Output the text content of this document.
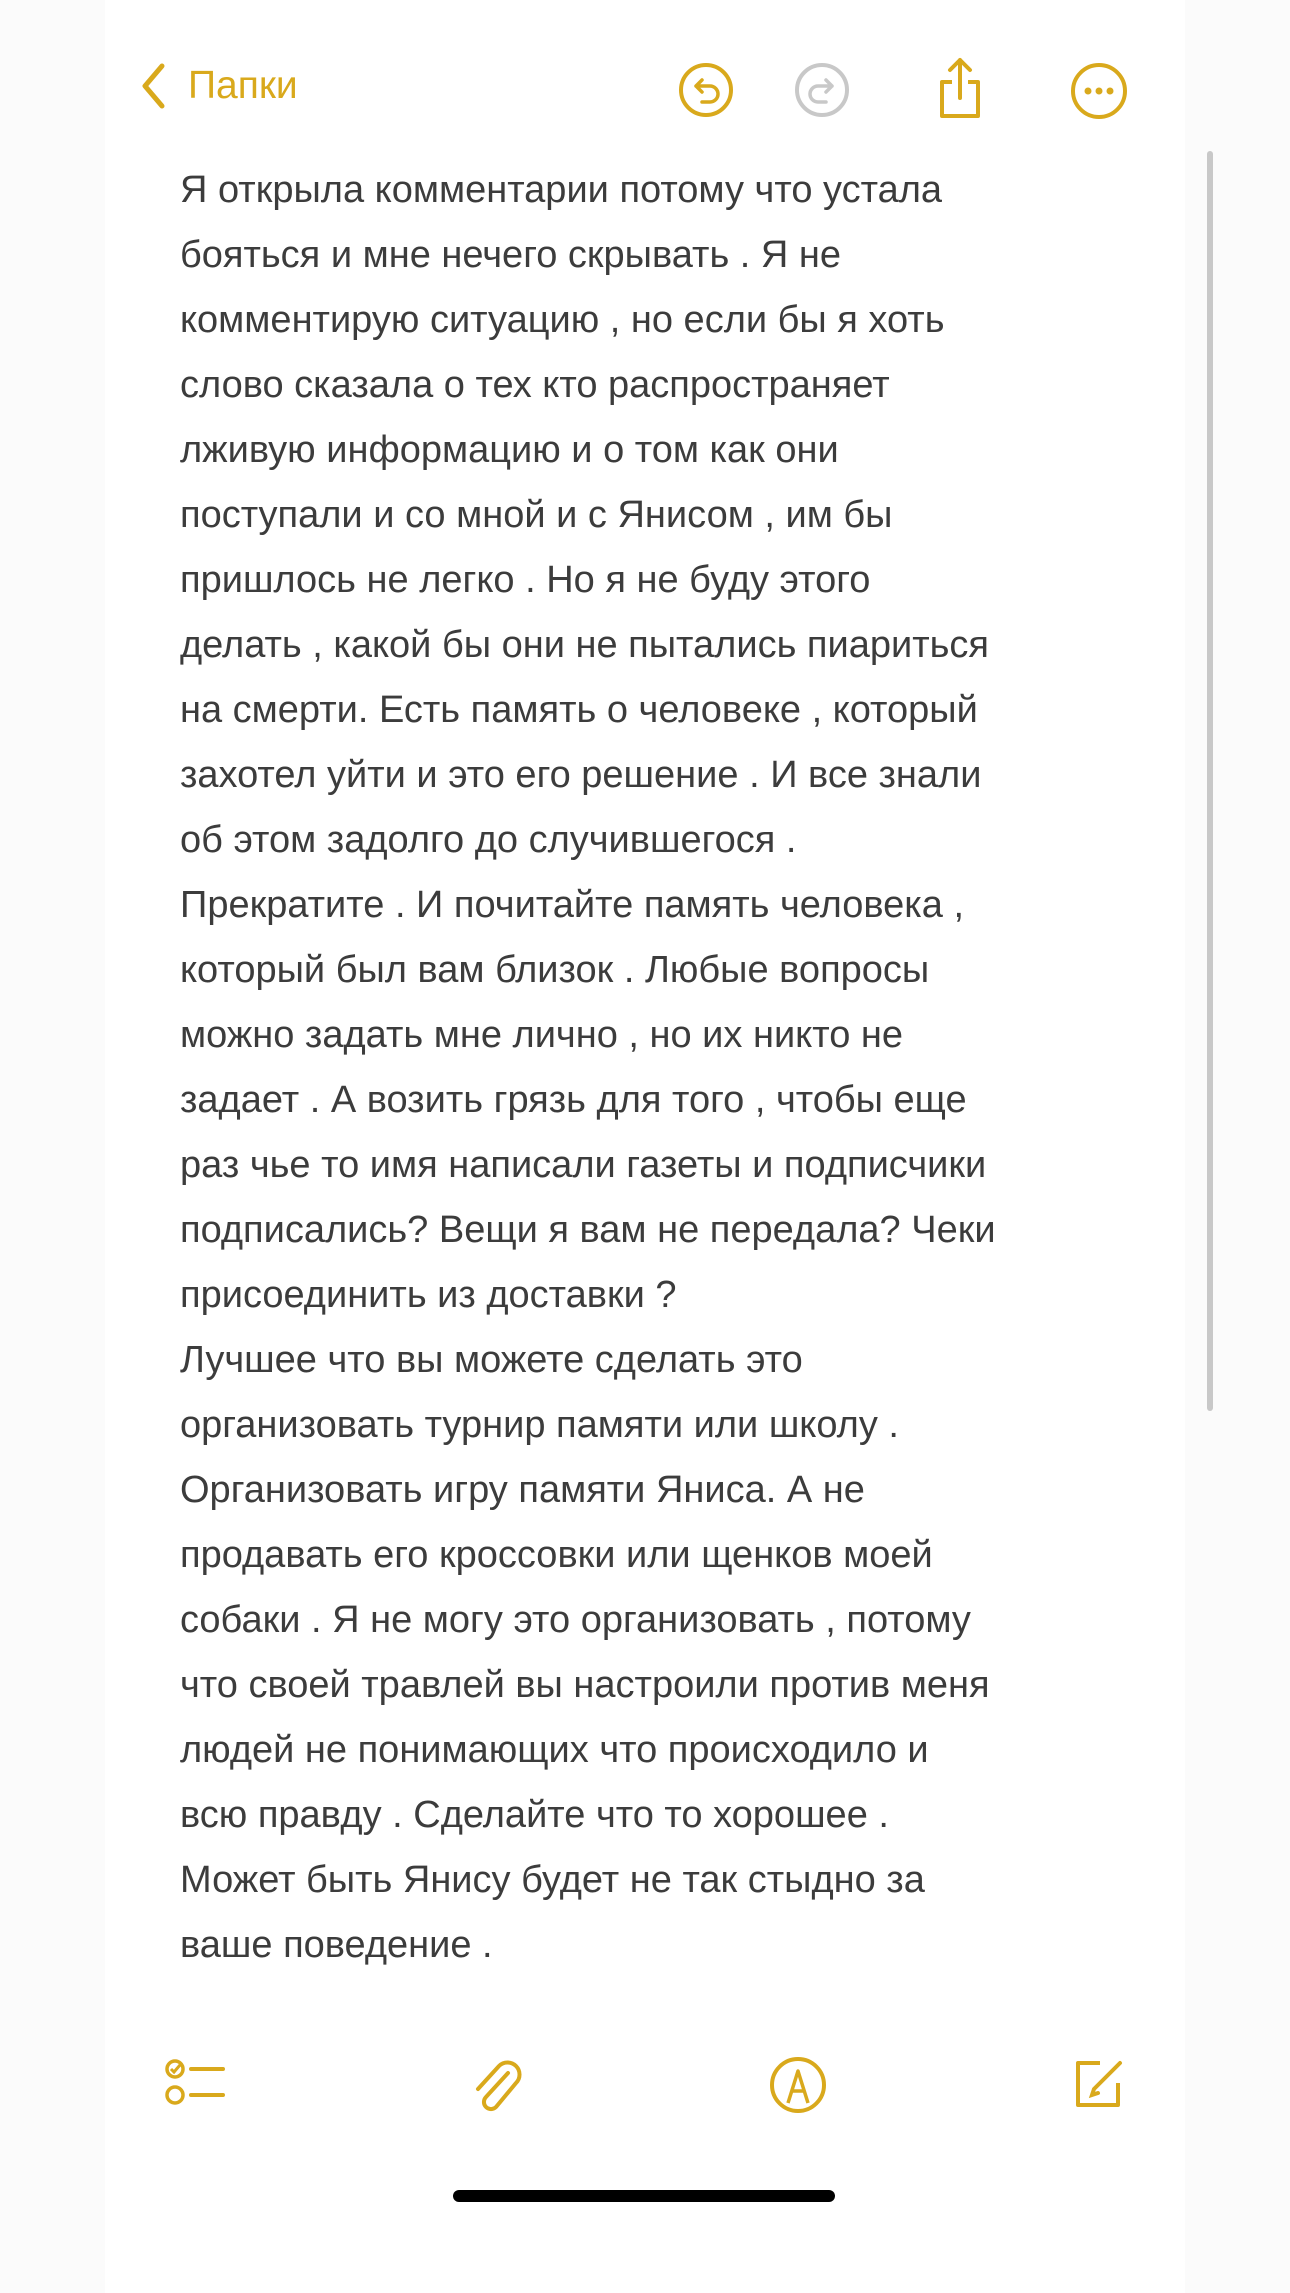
Папки
Я открыла комментарии потому что устала
бояться и мне нечего скрывать . Я не
комментирую ситуацию , но если бы я хоть
слово сказала о тех кто распространяет
лживую информацию и о том как они
поступали и со мной и с Янисом , им бы
пришлось не легко . Но я не буду этого
делать , какой бы они не пытались пиариться
на смерти. Есть память о человеке , который
захотел уйти и это его решение . И все знали
об этом задолго до случившегося .
Прекратите . И почитайте память человека ,
который был вам близок . Любые вопросы
можно задать мне лично , но их никто не
задает . А возить грязь для того , чтобы еще
раз чье то имя написали газеты и подписчики
подписались? Вещи я вам не передала? Чеки
присоединить из доставки ?
Лучшее что вы можете сделать это
организовать турнир памяти или школу .
Организовать игру памяти Яниса. А не
продавать его кроссовки или щенков моей
собаки . Я не могу это организовать , потому
что своей травлей вы настроили против меня
людей не понимающих что происходило и
всю правду . Сделайте что то хорошее .
Может быть Янису будет не так стыдно за
ваше поведение .
